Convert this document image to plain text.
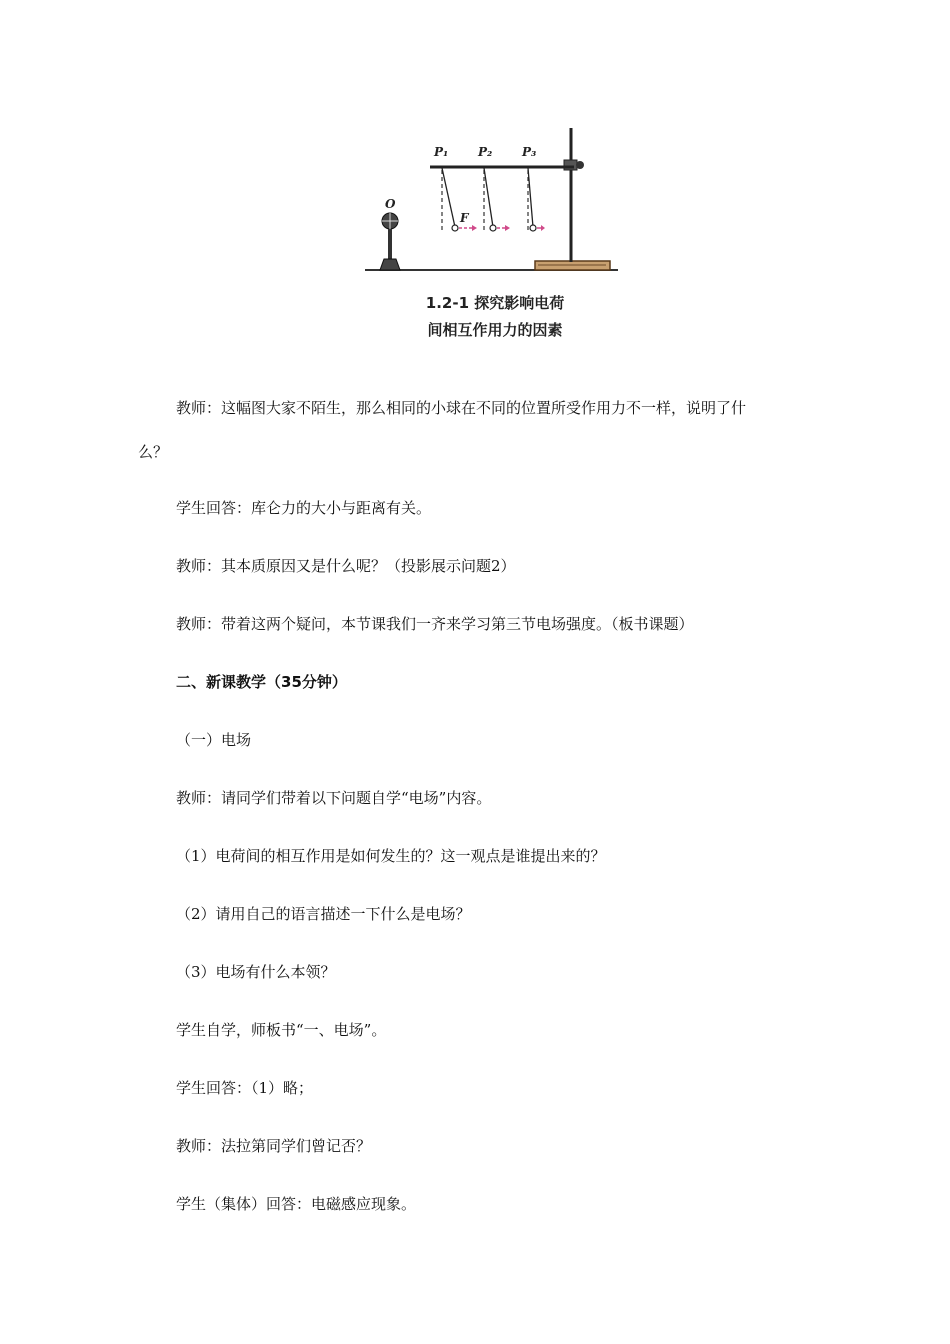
P₁ P₂ P₃
O
F
1.2-1 探究影响电荷
间相互作用力的因素
教师：这幅图大家不陌生，那么相同的小球在不同的位置所受作用力不一样，说明了什
么？
学生回答：库仑力的大小与距离有关。
教师：其本质原因又是什么呢？（投影展示问题2）
教师：带着这两个疑问，本节课我们一齐来学习第三节电场强度。（板书课题）
二、新课教学（35分钟）
（一）电场
教师：请同学们带着以下问题自学“电场”内容。
（1）电荷间的相互作用是如何发生的？这一观点是谁提出来的？
（2）请用自己的语言描述一下什么是电场？
（3）电场有什么本领？
学生自学，师板书“一、电场”。
学生回答：（1）略；
教师：法拉第同学们曾记否？
学生（集体）回答：电磁感应现象。
